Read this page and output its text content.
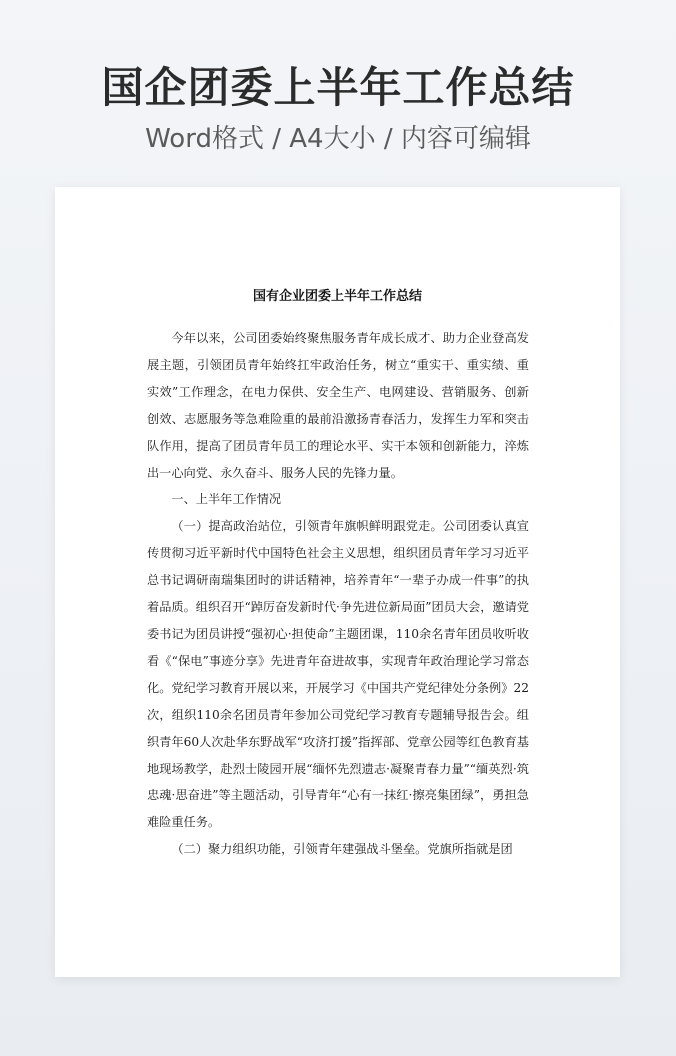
国企团委上半年工作总结
Word格式 / A4大小 / 内容可编辑
国有企业团委上半年工作总结

今年以来，公司团委始终聚焦服务青年成长成才、助力企业登高发展主题，引领团员青年始终扛牢政治任务，树立“重实干、重实绩、重实效”工作理念，在电力保供、安全生产、电网建设、营销服务、创新创效、志愿服务等急难险重的最前沿激扬青春活力，发挥生力军和突击队作用，提高了团员青年员工的理论水平、实干本领和创新能力，淬炼出一心向党、永久奋斗、服务人民的先锋力量。

一、上半年工作情况

（一）提高政治站位，引领青年旗帜鲜明跟党走。公司团委认真宣传贯彻习近平新时代中国特色社会主义思想，组织团员青年学习习近平总书记调研南瑞集团时的讲话精神，培养青年“一辈子办成一件事”的执着品质。组织召开“踔厉奋发新时代·争先进位新局面”团员大会，邀请党委书记为团员讲授“强初心·担使命”主题团课，110余名青年团员收听收看《“保电”事迹分享》先进青年奋进故事，实现青年政治理论学习常态化。党纪学习教育开展以来，开展学习《中国共产党纪律处分条例》22次，组织110余名团员青年参加公司党纪学习教育专题辅导报告会。组织青年60人次赴华东野战军“攻济打援”指挥部、党章公园等红色教育基地现场教学，赴烈士陵园开展“缅怀先烈遗志·凝聚青春力量”“缅英烈·筑忠魂·思奋进”等主题活动，引导青年“心有一抹红·擦亮集团绿”，勇担急难险重任务。

（二）聚力组织功能，引领青年建强战斗堡垒。党旗所指就是团
